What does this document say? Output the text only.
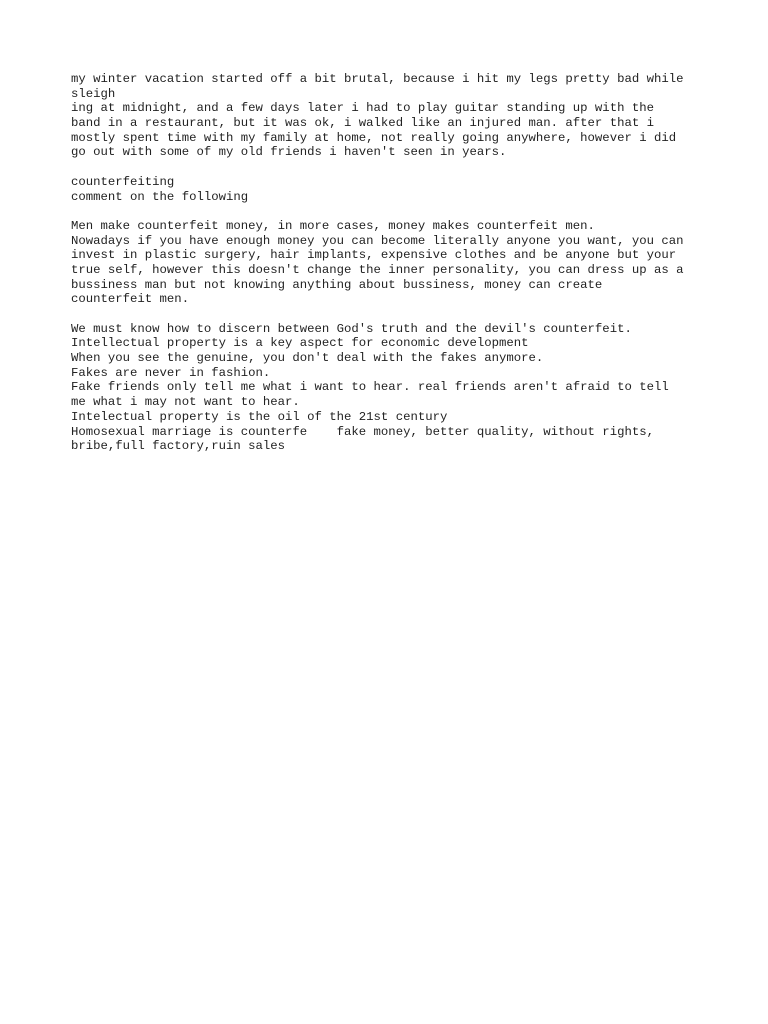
my winter vacation started off a bit brutal, because i hit my legs pretty bad while
sleigh
ing at midnight, and a few days later i had to play guitar standing up with the
band in a restaurant, but it was ok, i walked like an injured man. after that i
mostly spent time with my family at home, not really going anywhere, however i did
go out with some of my old friends i haven't seen in years.
counterfeiting
comment on the following
Men make counterfeit money, in more cases, money makes counterfeit men.
Nowadays if you have enough money you can become literally anyone you want, you can
invest in plastic surgery, hair implants, expensive clothes and be anyone but your
true self, however this doesn't change the inner personality, you can dress up as a
bussiness man but not knowing anything about bussiness, money can create
counterfeit men.
We must know how to discern between God's truth and the devil's counterfeit.
Intellectual property is a key aspect for economic development
When you see the genuine, you don't deal with the fakes anymore.
Fakes are never in fashion.
Fake friends only tell me what i want to hear. real friends aren't afraid to tell
me what i may not want to hear.
Intelectual property is the oil of the 21st century
Homosexual marriage is counterfe    fake money, better quality, without rights,
bribe,full factory,ruin sales
